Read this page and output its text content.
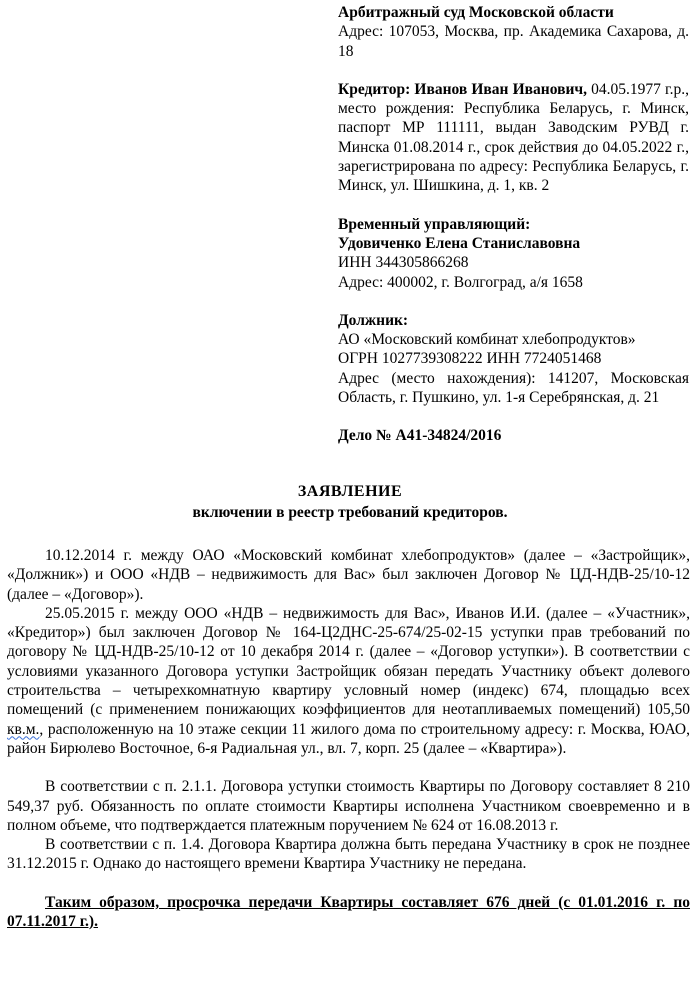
Арбитражный суд Московской области
Адрес: 107053, Москва, пр. Академика Сахарова, д. 18
Кредитор: Иванов Иван Иванович, 04.05.1977 г.р., место рождения: Республика Беларусь, г. Минск, паспорт МР 111111, выдан Заводским РУВД г. Минска 01.08.2014 г., срок действия до 04.05.2022 г., зарегистрирована по адресу: Республика Беларусь, г. Минск, ул. Шишкина, д. 1, кв. 2
Временный управляющий:
Удовиченко Елена Станиславовна
ИНН 344305866268
Адрес: 400002, г. Волгоград, а/я 1658
Должник:
АО «Московский комбинат хлебопродуктов»
ОГРН 1027739308222 ИНН 7724051468
Адрес (место нахождения): 141207, Московская Область, г. Пушкино, ул. 1-я Серебрянская, д. 21
Дело № А41-34824/2016
ЗАЯВЛЕНИЕ
включении в реестр требований кредиторов.

10.12.2014 г. между ОАО «Московский комбинат хлебопродуктов» (далее – «Застройщик», «Должник») и ООО «НДВ – недвижимость для Вас» был заключен Договор № ЦД-НДВ-25/10-12 (далее – «Договор»).

25.05.2015 г. между ООО «НДВ – недвижимость для Вас», Иванов И.И. (далее – «Участник», «Кредитор») был заключен Договор № 164-Ц2ДНС-25-674/25-02-15 уступки прав требований по договору № ЦД-НДВ-25/10-12 от 10 декабря 2014 г. (далее – «Договор уступки»). В соответствии с условиями указанного Договора уступки Застройщик обязан передать Участнику объект долевого строительства – четырехкомнатную квартиру условный номер (индекс) 674, площадью всех помещений (с применением понижающих коэффициентов для неотапливаемых помещений) 105,50 кв.м., расположенную на 10 этаже секции 11 жилого дома по строительному адресу: г. Москва, ЮАО, район Бирюлево Восточное, 6-я Радиальная ул., вл. 7, корп. 25 (далее – «Квартира»).

В соответствии с п. 2.1.1. Договора уступки стоимость Квартиры по Договору составляет 8 210 549,37 руб. Обязанность по оплате стоимости Квартиры исполнена Участником своевременно и в полном объеме, что подтверждается платежным поручением № 624 от 16.08.2013 г.

В соответствии с п. 1.4. Договора Квартира должна быть передана Участнику в срок не позднее 31.12.2015 г. Однако до настоящего времени Квартира Участнику не передана.

Таким образом, просрочка передачи Квартиры составляет 676 дней (с 01.01.2016 г. по 07.11.2017 г.).
